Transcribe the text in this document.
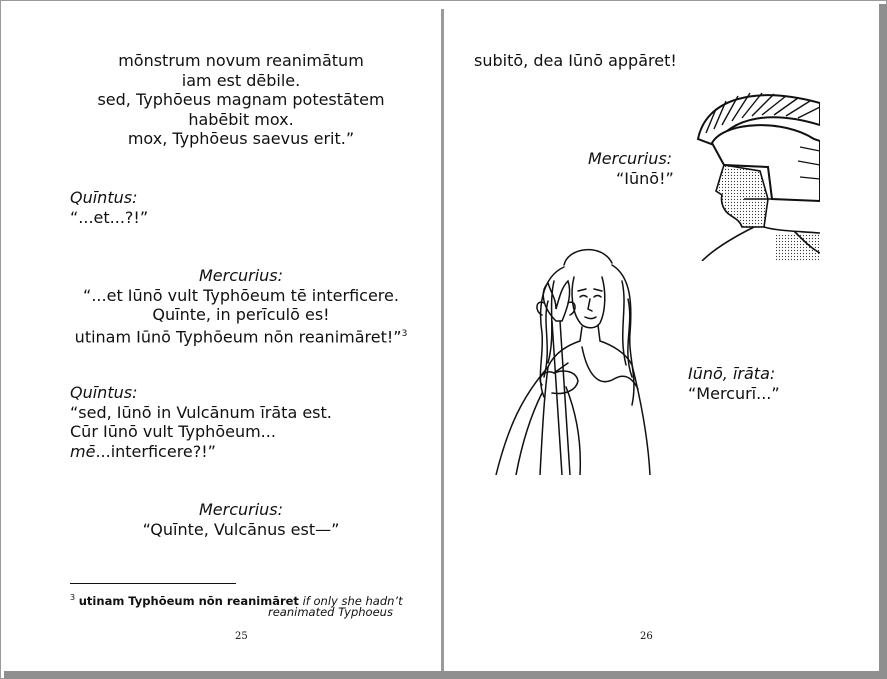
mōnstrum novum reanimātum
iam est dēbile.
sed, Typhōeus magnam potestātem
habēbit mox.
mox, Typhōeus saevus erit.”
Quīntus:
“...et...?!”
Mercurius:
“...et Iūnō vult Typhōeum tē interficere.
Quīnte, in perīculō es!
utinam Iūnō Typhōeum nōn reanimāret!”$^3$
Quīntus:
“sed, Iūnō in Vulcānum īrāta est.
Cūr Iūnō vult Typhōeum...
mē...interficere?!”
Mercurius:
“Quīnte, Vulcānus est—”
$^3$ utinam Typhōeum nōn reanimāret if only she hadn’t
reanimated Typhoeus
25
subitō, dea Iūnō appāret!
Mercurius:
“Iūnō!”
Iūnō, īrāta:
“Mercurī...”
26
